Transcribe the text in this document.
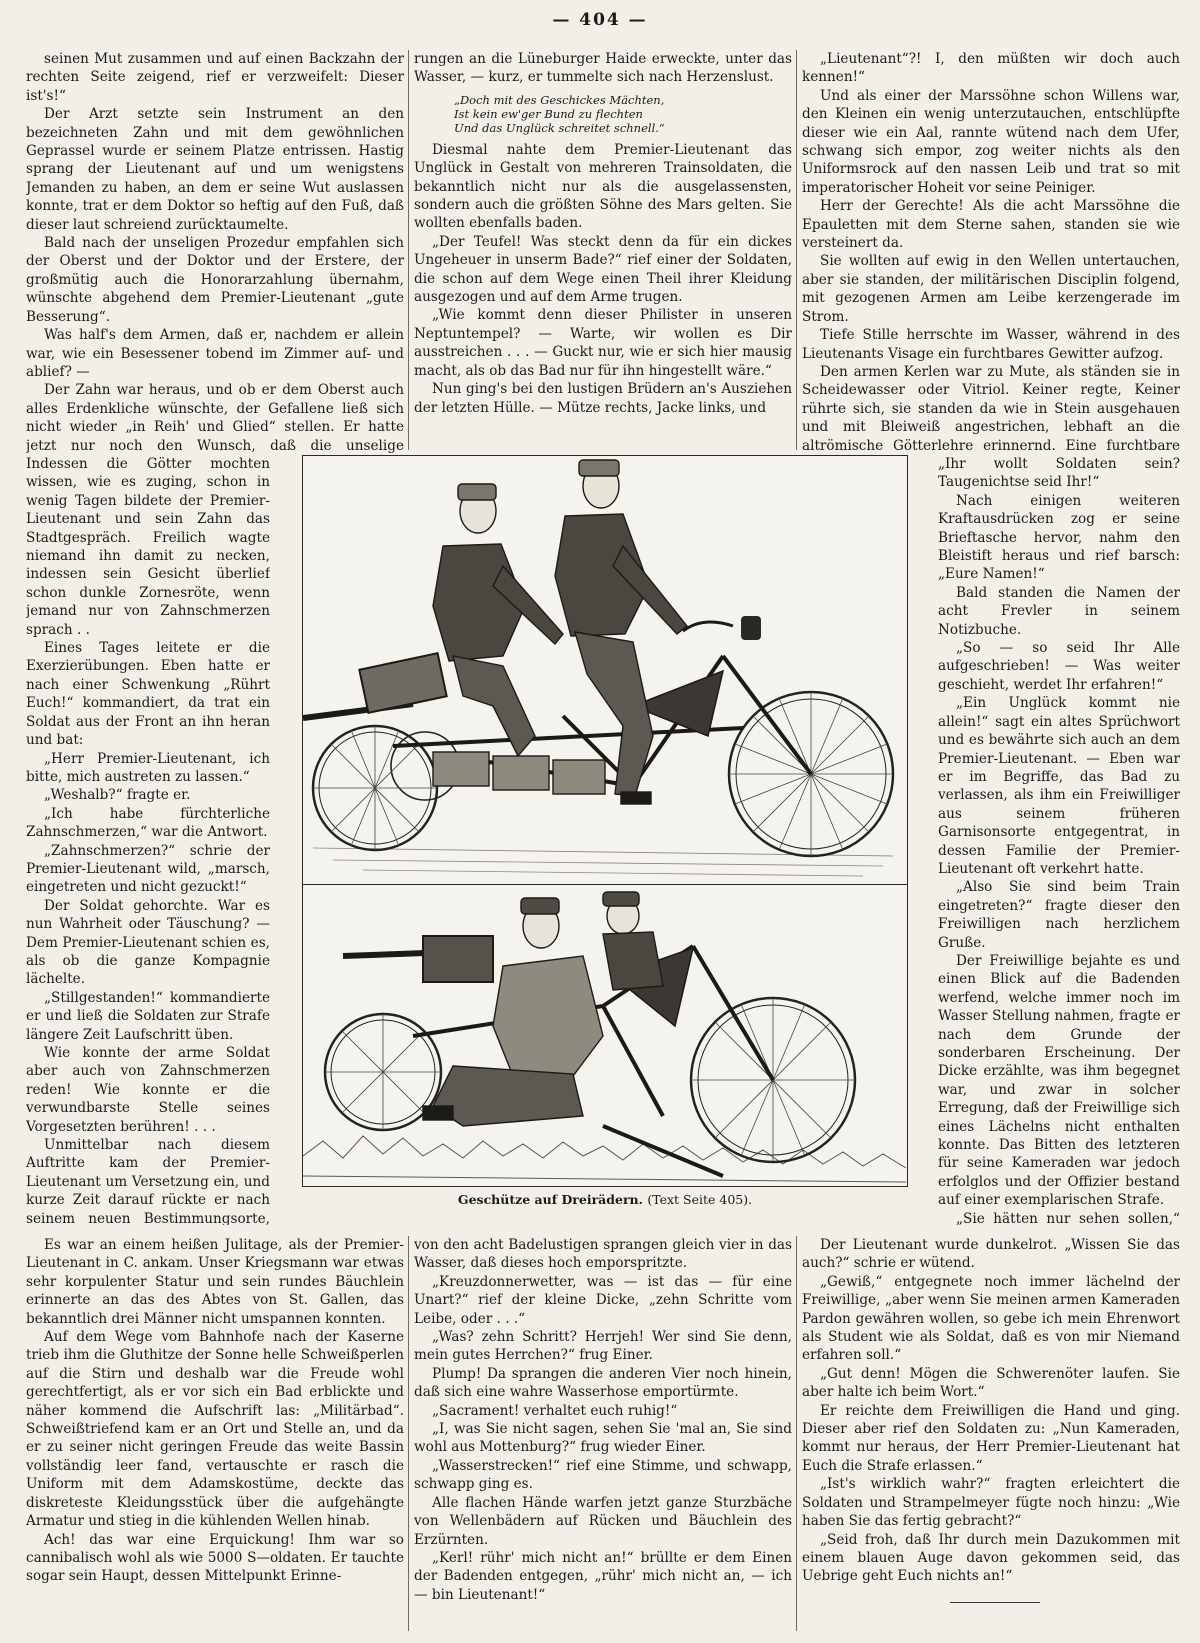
— 404 —

seinen Mut zusammen und auf einen Backzahn der rechten Seite zeigend, rief er verzweifelt: Dieser ist's!“

Der Arzt setzte sein Instrument an den bezeichneten Zahn und mit dem gewöhnlichen Geprassel wurde er seinem Platze entrissen. Hastig sprang der Lieutenant auf und um wenigstens Jemanden zu haben, an dem er seine Wut auslassen konnte, trat er dem Doktor so heftig auf den Fuß, daß dieser laut schreiend zurücktaumelte.

Bald nach der unseligen Prozedur empfahlen sich der Oberst und der Doktor und der Erstere, der großmütig auch die Honorarzahlung übernahm, wünschte abgehend dem Premier-Lieutenant „gute Besserung“.

Was half's dem Armen, daß er, nachdem er allein war, wie ein Besessener tobend im Zimmer auf- und ablief? —

Der Zahn war heraus, und ob er dem Oberst auch alles Erdenkliche wünschte, der Gefallene ließ sich nicht wieder „in Reih' und Glied“ stellen. Er hatte jetzt nur noch den Wunsch, daß die unselige

Indessen die Götter mochten wissen, wie es zuging, schon in wenig Tagen bildete der Premier-Lieutenant und sein Zahn das Stadtgespräch. Freilich wagte niemand ihn damit zu necken, indessen sein Gesicht überlief schon dunkle Zornesröte, wenn jemand nur von Zahnschmerzen sprach . .

Eines Tages leitete er die Exerzierübungen. Eben hatte er nach einer Schwenkung „Rührt Euch!“ kommandiert, da trat ein Soldat aus der Front an ihn heran und bat:

„Herr Premier-Lieutenant, ich bitte, mich austreten zu lassen.“

„Weshalb?“ fragte er.

„Ich habe fürchterliche Zahnschmerzen,“ war die Antwort.

„Zahnschmerzen?“ schrie der Premier-Lieutenant wild, „marsch, eingetreten und nicht gezuckt!“

Der Soldat gehorchte. War es nun Wahrheit oder Täuschung? — Dem Premier-Lieutenant schien es, als ob die ganze Kompagnie lächelte.

„Stillgestanden!“ kommandierte er und ließ die Soldaten zur Strafe längere Zeit Laufschritt üben.

Wie konnte der arme Soldat aber auch von Zahnschmerzen reden! Wie konnte er die verwundbarste Stelle seines Vorgesetzten berühren! . . .

Unmittelbar nach diesem Auftritte kam der Premier-Lieutenant um Versetzung ein, und kurze Zeit darauf rückte er nach seinem neuen Bestimmungsorte,

Es war an einem heißen Julitage, als der Premier-Lieutenant in C. ankam. Unser Kriegsmann war etwas sehr korpulenter Statur und sein rundes Bäuchlein erinnerte an das des Abtes von St. Gallen, das bekanntlich drei Männer nicht umspannen konnten.

Auf dem Wege vom Bahnhofe nach der Kaserne trieb ihm die Gluthitze der Sonne helle Schweißperlen auf die Stirn und deshalb war die Freude wohl gerechtfertigt, als er vor sich ein Bad erblickte und näher kommend die Aufschrift las: „Militärbad“. Schweißtriefend kam er an Ort und Stelle an, und da er zu seiner nicht geringen Freude das weite Bassin vollständig leer fand, vertauschte er rasch die Uniform mit dem Adamskostüme, deckte das diskreteste Kleidungsstück über die aufgehängte Armatur und stieg in die kühlenden Wellen hinab.

Ach! das war eine Erquickung! Ihm war so cannibalisch wohl als wie 5000 S—oldaten. Er tauchte sogar sein Haupt, dessen Mittelpunkt Erinne-

rungen an die Lüneburger Haide erweckte, unter das Wasser, — kurz, er tummelte sich nach Herzenslust.

„Doch mit des Geschickes Mächten,
Ist kein ew'ger Bund zu flechten
Und das Unglück schreitet schnell.“

Diesmal nahte dem Premier-Lieutenant das Unglück in Gestalt von mehreren Trainsoldaten, die bekanntlich nicht nur als die ausgelassensten, sondern auch die größten Söhne des Mars gelten. Sie wollten ebenfalls baden.

„Der Teufel! Was steckt denn da für ein dickes Ungeheuer in unserm Bade?“ rief einer der Soldaten, die schon auf dem Wege einen Theil ihrer Kleidung ausgezogen und auf dem Arme trugen.

„Wie kommt denn dieser Philister in unseren Neptuntempel? — Warte, wir wollen es Dir ausstreichen . . . — Guckt nur, wie er sich hier mausig macht, als ob das Bad nur für ihn hingestellt wäre.“

Nun ging's bei den lustigen Brüdern an's Ausziehen der letzten Hülle. — Mütze rechts, Jacke links, und

von den acht Badelustigen sprangen gleich vier in das Wasser, daß dieses hoch emporspritzte.

„Kreuzdonnerwetter, was — ist das — für eine Unart?“ rief der kleine Dicke, „zehn Schritte vom Leibe, oder . . .“

„Was? zehn Schritt? Herrjeh! Wer sind Sie denn, mein gutes Herrchen?“ frug Einer.

Plump! Da sprangen die anderen Vier noch hinein, daß sich eine wahre Wasserhose emportürmte.

„Sacrament! verhaltet euch ruhig!“

„I, was Sie nicht sagen, sehen Sie 'mal an, Sie sind wohl aus Mottenburg?“ frug wieder Einer.

„Wasserstrecken!“ rief eine Stimme, und schwapp, schwapp ging es.

Alle flachen Hände warfen jetzt ganze Sturzbäche von Wellenbädern auf Rücken und Bäuchlein des Erzürnten.

„Kerl! rühr' mich nicht an!“ brüllte er dem Einen der Badenden entgegen, „rühr' mich nicht an, — ich — bin Lieutenant!“

„Lieutenant“?! I, den müßten wir doch auch kennen!“

Und als einer der Marssöhne schon Willens war, den Kleinen ein wenig unterzutauchen, entschlüpfte dieser wie ein Aal, rannte wütend nach dem Ufer, schwang sich empor, zog weiter nichts als den Uniformsrock auf den nassen Leib und trat so mit imperatorischer Hoheit vor seine Peiniger.

Herr der Gerechte! Als die acht Marssöhne die Epauletten mit dem Sterne sahen, standen sie wie versteinert da.

Sie wollten auf ewig in den Wellen untertauchen, aber sie standen, der militärischen Disciplin folgend, mit gezogenen Armen am Leibe kerzengerade im Strom.

Tiefe Stille herrschte im Wasser, während in des Lieutenants Visage ein furchtbares Gewitter aufzog.

Den armen Kerlen war zu Mute, als ständen sie in Scheidewasser oder Vitriol. Keiner regte, Keiner rührte sich, sie standen da wie in Stein ausgehauen und mit Bleiweiß angestrichen, lebhaft an die altrömische Götterlehre erinnernd. Eine furchtbare

„Ihr wollt Soldaten sein? Taugenichtse seid Ihr!“

Nach einigen weiteren Kraftausdrücken zog er seine Brieftasche hervor, nahm den Bleistift heraus und rief barsch: „Eure Namen!“

Bald standen die Namen der acht Frevler in seinem Notizbuche.

„So — so seid Ihr Alle aufgeschrieben! — Was weiter geschieht, werdet Ihr erfahren!“

„Ein Unglück kommt nie allein!“ sagt ein altes Sprüchwort und es bewährte sich auch an dem Premier-Lieutenant. — Eben war er im Begriffe, das Bad zu verlassen, als ihm ein Freiwilliger aus seinem früheren Garnisonsorte entgegentrat, in dessen Familie der Premier-Lieutenant oft verkehrt hatte.

„Also Sie sind beim Train eingetreten?“ fragte dieser den Freiwilligen nach herzlichem Gruße.

Der Freiwillige bejahte es und einen Blick auf die Badenden werfend, welche immer noch im Wasser Stellung nahmen, fragte er nach dem Grunde der sonderbaren Erscheinung. Der Dicke erzählte, was ihm begegnet war, und zwar in solcher Erregung, daß der Freiwillige sich eines Lächelns nicht enthalten konnte. Das Bitten des letzteren für seine Kameraden war jedoch erfolglos und der Offizier bestand auf einer exemplarischen Strafe.

„Sie hätten nur sehen sollen,“

Der Lieutenant wurde dunkelrot. „Wissen Sie das auch?“ schrie er wütend.

„Gewiß,“ entgegnete noch immer lächelnd der Freiwillige, „aber wenn Sie meinen armen Kameraden Pardon gewähren wollen, so gebe ich mein Ehrenwort als Student wie als Soldat, daß es von mir Niemand erfahren soll.“

„Gut denn! Mögen die Schwerenöter laufen. Sie aber halte ich beim Wort.“

Er reichte dem Freiwilligen die Hand und ging. Dieser aber rief den Soldaten zu: „Nun Kameraden, kommt nur heraus, der Herr Premier-Lieutenant hat Euch die Strafe erlassen.“

„Ist's wirklich wahr?“ fragten erleichtert die Soldaten und Strampelmeyer fügte noch hinzu: „Wie haben Sie das fertig gebracht?“

„Seid froh, daß Ihr durch mein Dazukommen mit einem blauen Auge davon gekommen seid, das Uebrige geht Euch nichts an!“

Geschütze auf Dreirädern. (Text Seite 405).
